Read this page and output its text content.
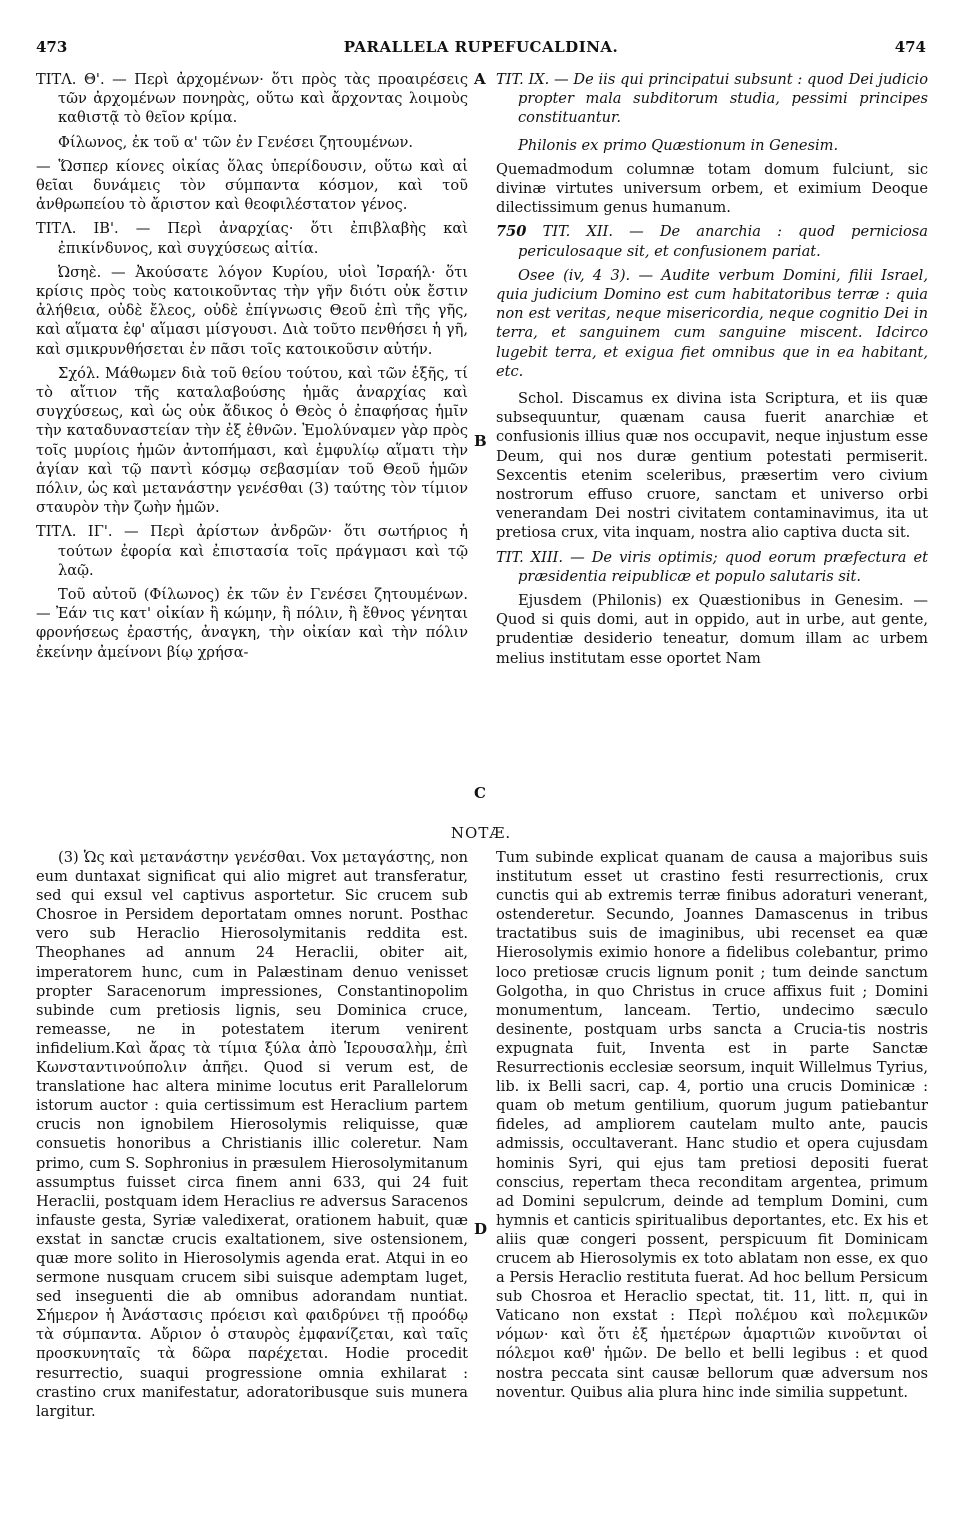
PARALLELA RUPEFUCALDINA.
473	474
A
B
C
D

ΤΙΤΛ. Θ'. — Περὶ ἀρχομένων· ὅτι πρὸς τὰς προαιρέσεις τῶν ἀρχομένων πονηρὰς, οὕτω καὶ ἄρχοντας λοιμοὺς καθιστᾷ τὸ θεῖον κρίμα.

Φίλωνος, ἐκ τοῦ α' τῶν ἐν Γενέσει ζητουμένων.

— Ὥσπερ κίονες οἰκίας ὅλας ὑπερίδουσιν, οὕτω καὶ αἱ θεῖαι δυνάμεις τὸν σύμπαντα κόσμον, καὶ τοῦ ἀνθρωπείου τὸ ἄριστον καὶ θεοφιλέστατον γένος.

ΤΙΤΛ. ΙΒ'. — Περὶ ἀναρχίας· ὅτι ἐπιβλαβὴς καὶ ἐπικίνδυνος, καὶ συγχύσεως αἰτία.

Ὠσηὲ. — Ἀκούσατε λόγον Κυρίου, υἱοὶ Ἰσραήλ· ὅτι κρίσις πρὸς τοὺς κατοικοῦντας τὴν γῆν διότι οὐκ ἔστιν ἀλήθεια, οὐδὲ ἔλεος, οὐδὲ ἐπίγνωσις Θεοῦ ἐπὶ τῆς γῆς, καὶ αἵματα ἐφ' αἵμασι μίσγουσι. Διὰ τοῦτο πενθήσει ἡ γῆ, καὶ σμικρυνθήσεται ἐν πᾶσι τοῖς κατοικοῦσιν αὐτήν.

Σχόλ. Μάθωμεν διὰ τοῦ θείου τούτου, καὶ τῶν ἑξῆς, τί τὸ αἴτιον τῆς καταλαβούσης ἡμᾶς ἀναρχίας καὶ συγχύσεως, καὶ ὡς οὐκ ἄδικος ὁ Θεὸς ὁ ἐπαφήσας ἡμῖν τὴν καταδυναστείαν τὴν ἐξ ἐθνῶν. Ἐμολύναμεν γὰρ πρὸς τοῖς μυρίοις ἡμῶν ἀντοπήμασι, καὶ ἐμφυλίῳ αἵματι τὴν ἁγίαν καὶ τῷ παντὶ κόσμῳ σεβασμίαν τοῦ Θεοῦ ἡμῶν πόλιν, ὡς καὶ μετανάστην γενέσθαι (3) ταύτης τὸν τίμιον σταυρὸν τὴν ζωὴν ἡμῶν.

ΤΙΤΛ. ΙΓ'. — Περὶ ἀρίστων ἀνδρῶν· ὅτι σωτήριος ἡ τούτων ἐφορία καὶ ἐπιστασία τοῖς πράγμασι καὶ τῷ λαῷ.

Τοῦ αὐτοῦ (Φίλωνος) ἐκ τῶν ἐν Γενέσει ζητουμένων. — Ἐάν τις κατ' οἰκίαν ἢ κώμην, ἢ πόλιν, ἢ ἔθνος γένηται φρονήσεως ἐραστής, ἀναγκη, τὴν οἰκίαν καὶ τὴν πόλιν ἐκείνην ἀμείνονι βίῳ χρήσα-

TIT. IX. — De iis qui principatui subsunt : quod Dei judicio propter mala subditorum studia, pessimi principes constituantur.

Philonis ex primo Quæstionum in Genesim.

Quemadmodum columnæ totam domum fulciunt, sic divinæ virtutes universum orbem, et eximium Deoque dilectissimum genus humanum.

750 TIT. XII. — De anarchia : quod perniciosa periculosaque sit, et confusionem pariat.

Osee (iv, 4 3). — Audite verbum Domini, filii Israel, quia judicium Domino est cum habitatoribus terræ : quia non est veritas, neque misericordia, neque cognitio Dei in terra, et sanguinem cum sanguine miscent. Idcirco lugebit terra, et exigua fiet omnibus que in ea habitant, etc.

Schol. Discamus ex divina ista Scriptura, et iis quæ subsequuntur, quænam causa fuerit anarchiæ et confusionis illius quæ nos occupavit, neque injustum esse Deum, qui nos duræ gentium potestati permiserit. Sexcentis etenim sceleribus, præsertim vero civium nostrorum effuso cruore, sanctam et universo orbi venerandam Dei nostri civitatem contaminavimus, ita ut pretiosa crux, vita inquam, nostra alio captiva ducta sit.

TIT. XIII. — De viris optimis; quod eorum præfectura et præsidentia reipublicæ et populo salutaris sit.

Ejusdem (Philonis) ex Quæstionibus in Genesim. — Quod si quis domi, aut in oppido, aut in urbe, aut gente, prudentiæ desiderio teneatur, domum illam ac urbem melius institutam esse oportet Nam

NOTÆ.

(3) Ὡς καὶ μετανάστην γενέσθαι. Vox μεταγάστης, non eum duntaxat significat qui alio migret aut transferatur, sed qui exsul vel captivus asportetur. Sic crucem sub Chosroe in Persidem deportatam omnes norunt. Posthac vero sub Heraclio Hierosolymitanis reddita est. Theophanes ad annum 24 Heraclii, obiter ait, imperatorem hunc, cum in Palæstinam denuo venisset propter Saracenorum impressiones, Constantinopolim subinde cum pretiosis lignis, seu Dominica cruce, remeasse, ne in potestatem iterum venirent infidelium.Καὶ ἄρας τὰ τίμια ξύλα ἀπὸ Ἱερουσαλὴμ, ἐπὶ Κωνσταντινούπολιν ἀπῆει. Quod si verum est, de translatione hac altera minime locutus erit Parallelorum istorum auctor : quia certissimum est Heraclium partem crucis non ignobilem Hierosolymis reliquisse, quæ consuetis honoribus a Christianis illic coleretur. Nam primo, cum S. Sophronius in præsulem Hierosolymitanum assumptus fuisset circa finem anni 633, qui 24 fuit Heraclii, postquam idem Heraclius re adversus Saracenos infauste gesta, Syriæ valedixerat, orationem habuit, quæ exstat in sanctæ crucis exaltationem, sive ostensionem, quæ more solito in Hierosolymis agenda erat. Atqui in eo sermone nusquam crucem sibi suisque ademptam luget, sed inseguenti die ab omnibus adorandam nuntiat. Σήμερον ἡ Ἀνάστασις πρόεισι καὶ φαιδρύνει τῇ προόδῳ τὰ σύμπαντα. Αὔριον ὁ σταυρὸς ἐμφανίζεται, καὶ ταῖς προσκυνηταῖς τὰ δῶρα παρέχεται. Hodie procedit resurrectio, suaqui progressione omnia exhilarat : crastino crux manifestatur, adoratoribusque suis munera largitur.

Tum subinde explicat quanam de causa a majoribus suis institutum esset ut crastino festi resurrectionis, crux cunctis qui ab extremis terræ finibus adoraturi venerant, ostenderetur. Secundo, Joannes Damascenus in tribus tractatibus suis de imaginibus, ubi recenset ea quæ Hierosolymis eximio honore a fidelibus colebantur, primo loco pretiosæ crucis lignum ponit ; tum deinde sanctum Golgotha, in quo Christus in cruce affixus fuit ; Domini monumentum, lanceam. Tertio, undecimo sæculo desinente, postquam urbs sancta a Crucia-tis nostris expugnata fuit, Inventa est in parte Sanctæ Resurrectionis ecclesiæ seorsum, inquit Willelmus Tyrius, lib. ix Belli sacri, cap. 4, portio una crucis Dominicæ : quam ob metum gentilium, quorum jugum patiebantur fideles, ad ampliorem cautelam multo ante, paucis admissis, occultaverant. Hanc studio et opera cujusdam hominis Syri, qui ejus tam pretiosi depositi fuerat conscius, repertam theca reconditam argentea, primum ad Domini sepulcrum, deinde ad templum Domini, cum hymnis et canticis spiritualibus deportantes, etc. Ex his et aliis quæ congeri possent, perspicuum fit Dominicam crucem ab Hierosolymis ex toto ablatam non esse, ex quo a Persis Heraclio restituta fuerat. Ad hoc bellum Persicum sub Chosroa et Heraclio spectat, tit. 11, litt. π, qui in Vaticano non exstat : Περὶ πολέμου καὶ πολεμικῶν νόμων· καὶ ὅτι ἐξ ἡμετέρων ἁμαρτιῶν κινοῦνται οἱ πόλεμοι καθ' ἡμῶν. De bello et belli legibus : et quod nostra peccata sint causæ bellorum quæ adversum nos noventur. Quibus alia plura hinc inde similia suppetunt.
